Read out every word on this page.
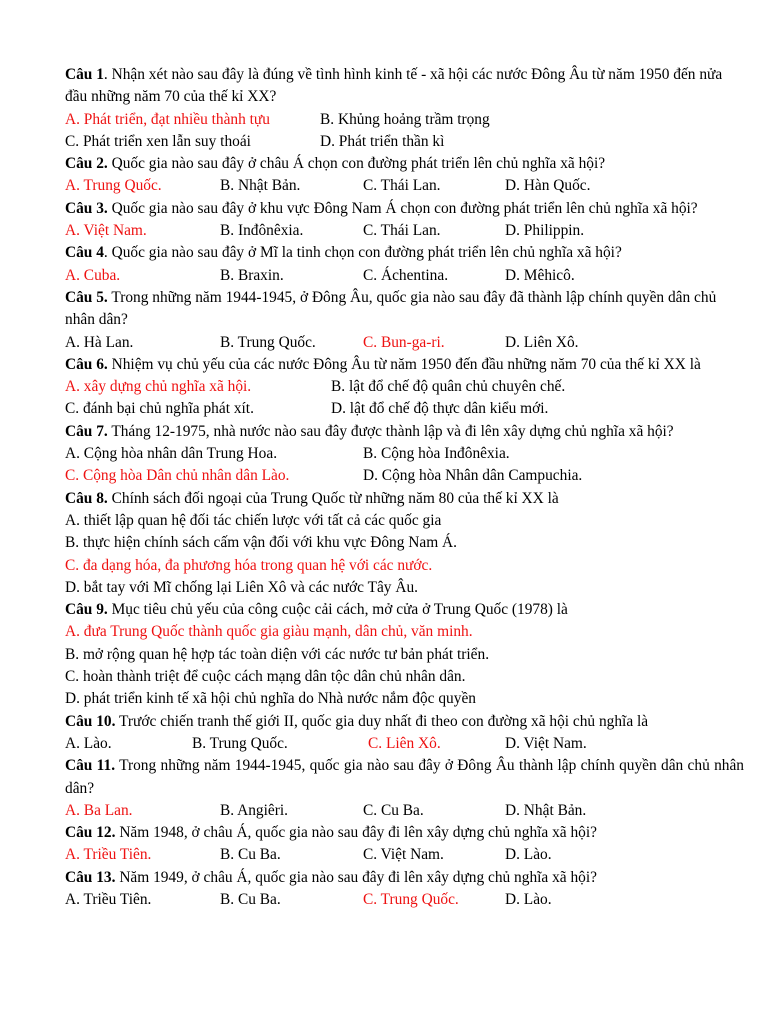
Câu 1. Nhận xét nào sau đây là đúng về tình hình kinh tế - xã hội các nước Đông Âu từ năm 1950 đến nửa đầu những năm 70 của thế kỉ XX?

A. Phát triển, đạt nhiều thành tựu	B. Khủng hoảng trầm trọng
C. Phát triển xen lẫn suy thoái	D. Phát triển thần kì

Câu 2. Quốc gia nào sau đây ở châu Á chọn con đường phát triển lên chủ nghĩa xã hội?

A. Trung Quốc.	B. Nhật Bản.	C. Thái Lan.	D. Hàn Quốc.

Câu 3. Quốc gia nào sau đây ở khu vực Đông Nam Á chọn con đường phát triển lên chủ nghĩa xã hội?

A. Việt Nam.	B. Inđônêxia.	C. Thái Lan.	D. Philippin.

Câu 4. Quốc gia nào sau đây ở Mĩ la tinh chọn con đường phát triển lên chủ nghĩa xã hội?

A. Cuba.	B. Braxin.	C. Áchentina.	D. Mêhicô.

Câu 5. Trong những năm 1944-1945, ở Đông Âu, quốc gia nào sau đây đã thành lập chính quyền dân chủ nhân dân?

A. Hà Lan.	B. Trung Quốc.	C. Bun-ga-ri.	D. Liên Xô.

Câu 6. Nhiệm vụ chủ yếu của các nước Đông Âu từ năm 1950 đến đầu những năm 70 của thế kỉ XX là

A. xây dựng chủ nghĩa xã hội.	B. lật đổ chế độ quân chủ chuyên chế.
C. đánh bại chủ nghĩa phát xít.	D. lật đổ chế độ thực dân kiểu mới.

Câu 7. Tháng 12-1975, nhà nước nào sau đây được thành lập và đi lên xây dựng chủ nghĩa xã hội?

A. Cộng hòa nhân dân Trung Hoa.	B. Cộng hòa Inđônêxia.
C. Cộng hòa Dân chủ nhân dân Lào.	D. Cộng hòa Nhân dân Campuchia.

Câu 8. Chính sách đối ngoại của Trung Quốc từ những năm 80 của thế kỉ XX là

A. thiết lập quan hệ đối tác chiến lược với tất cả các quốc gia
B. thực hiện chính sách cấm vận đối với khu vực Đông Nam Á.
C. đa dạng hóa, đa phương hóa trong quan hệ với các nước.
D. bắt tay với Mĩ chống lại Liên Xô và các nước Tây Âu.

Câu 9. Mục tiêu chủ yếu của công cuộc cải cách, mở cửa ở Trung Quốc (1978) là

A. đưa Trung Quốc thành quốc gia giàu mạnh, dân chủ, văn minh.
B. mở rộng quan hệ hợp tác toàn diện với các nước tư bản phát triển.
C. hoàn thành triệt để cuộc cách mạng dân tộc dân chủ nhân dân.
D. phát triển kinh tế xã hội chủ nghĩa do Nhà nước nắm độc quyền

Câu 10. Trước chiến tranh thế giới II, quốc gia duy nhất đi theo con đường xã hội chủ nghĩa là

A. Lào.	B. Trung Quốc.	C. Liên Xô.	D. Việt Nam.

Câu 11. Trong những năm 1944-1945, quốc gia nào sau đây ở Đông Âu thành lập chính quyền dân chủ nhân dân?

A. Ba Lan.	B. Angiêri.	C. Cu Ba.	D. Nhật Bản.

Câu 12. Năm 1948, ở châu Á, quốc gia nào sau đây đi lên xây dựng chủ nghĩa xã hội?

A. Triều Tiên.	B. Cu Ba.	C. Việt Nam.	D. Lào.

Câu 13. Năm 1949, ở châu Á, quốc gia nào sau đây đi lên xây dựng chủ nghĩa xã hội?

A. Triều Tiên.	B. Cu Ba.	C. Trung Quốc.	D. Lào.
